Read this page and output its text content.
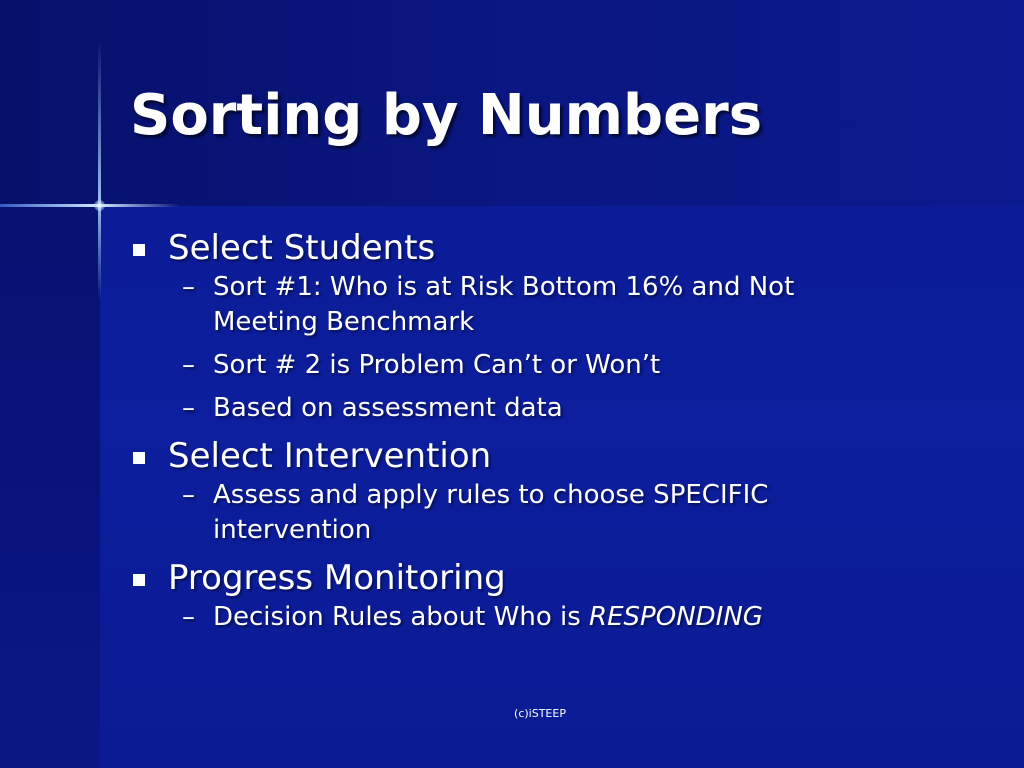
Sorting by Numbers

Select Students

– Sort #1: Who is at Risk Bottom 16% and Not Meeting Benchmark

– Sort # 2 is Problem Can’t or Won’t

– Based on assessment data

Select Intervention

– Assess and apply rules to choose SPECIFIC intervention

Progress Monitoring

– Decision Rules about Who is RESPONDING

(c)iSTEEP
